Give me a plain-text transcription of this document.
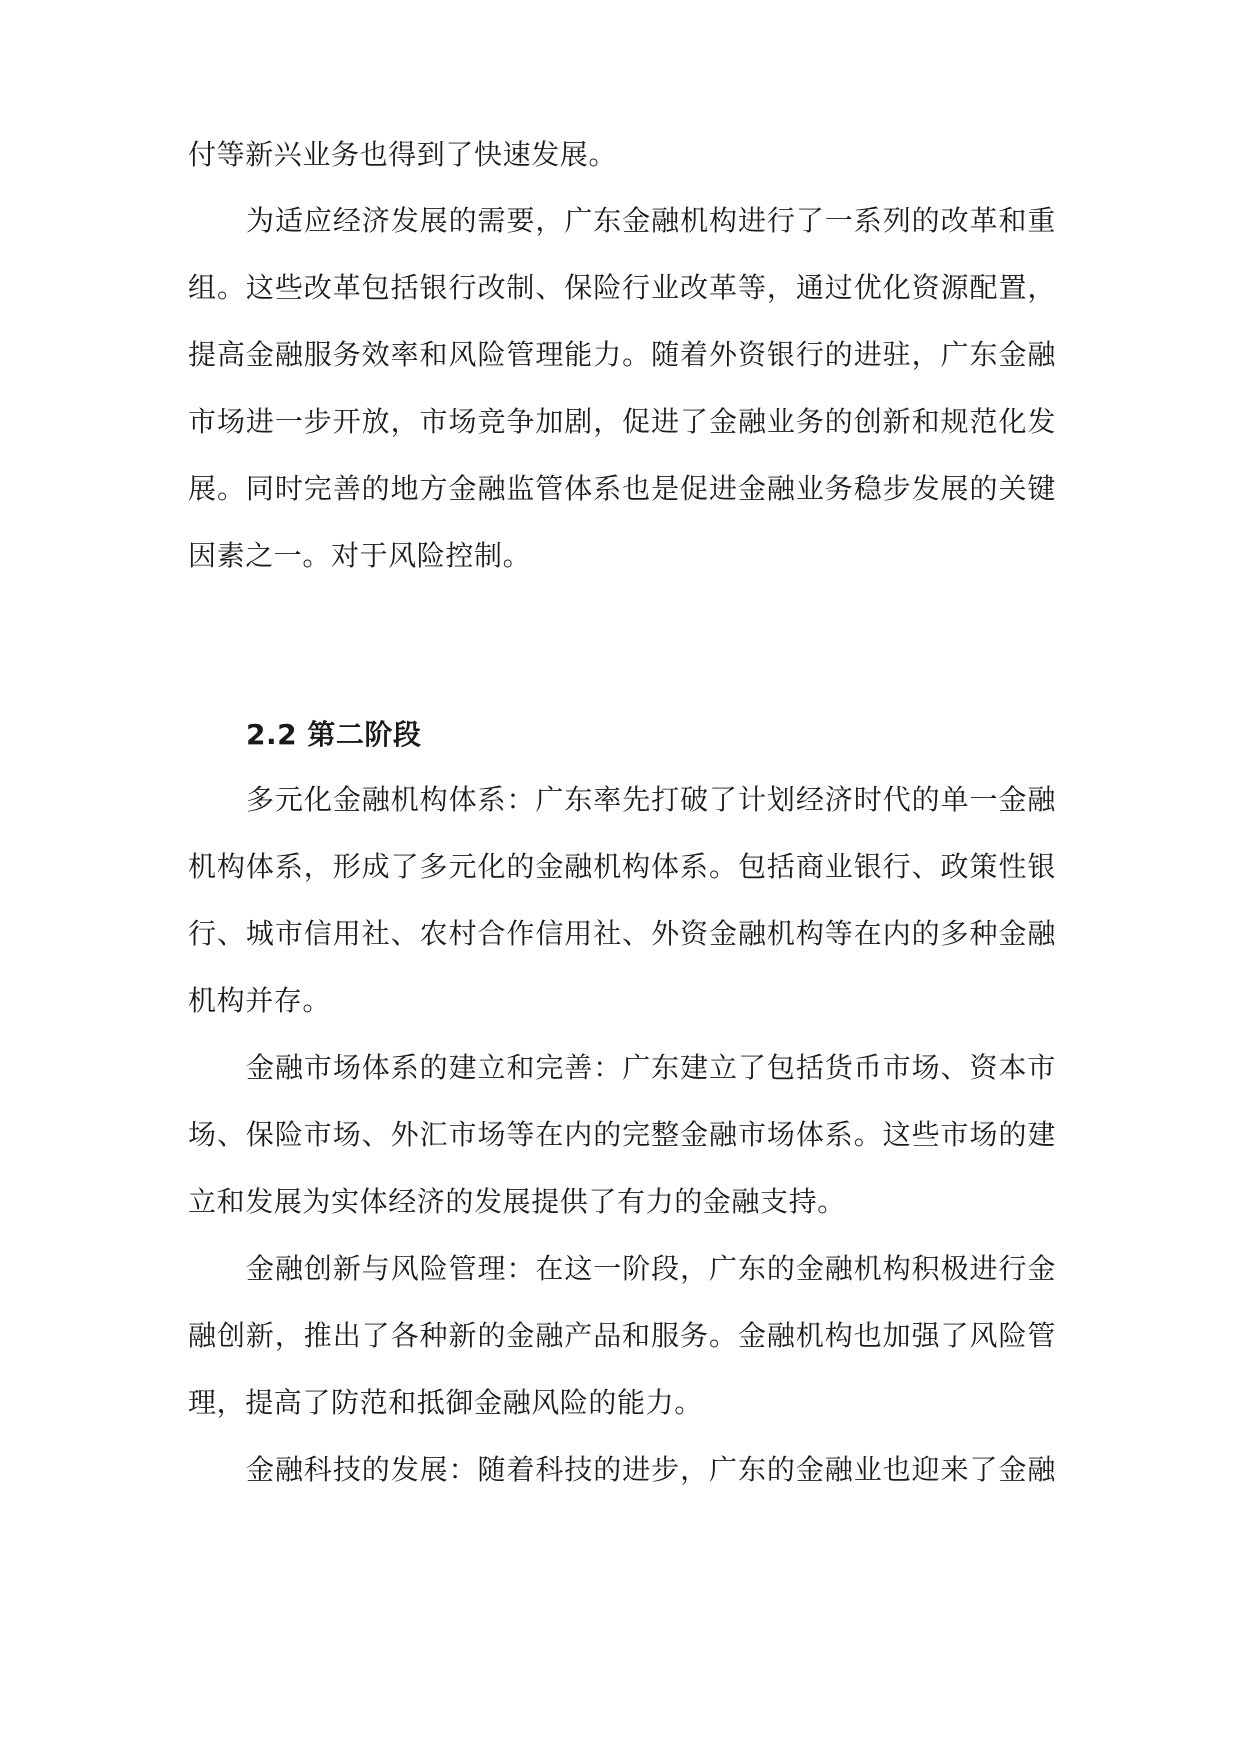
付等新兴业务也得到了快速发展。
为适应经济发展的需要，广东金融机构进行了一系列的改革和重
组。这些改革包括银行改制、保险行业改革等，通过优化资源配置，
提高金融服务效率和风险管理能力。随着外资银行的进驻，广东金融
市场进一步开放，市场竞争加剧，促进了金融业务的创新和规范化发
展。同时完善的地方金融监管体系也是促进金融业务稳步发展的关键
因素之一。对于风险控制。
2.2 第二阶段
多元化金融机构体系：广东率先打破了计划经济时代的单一金融
机构体系，形成了多元化的金融机构体系。包括商业银行、政策性银
行、城市信用社、农村合作信用社、外资金融机构等在内的多种金融
机构并存。
金融市场体系的建立和完善：广东建立了包括货币市场、资本市
场、保险市场、外汇市场等在内的完整金融市场体系。这些市场的建
立和发展为实体经济的发展提供了有力的金融支持。
金融创新与风险管理：在这一阶段，广东的金融机构积极进行金
融创新，推出了各种新的金融产品和服务。金融机构也加强了风险管
理，提高了防范和抵御金融风险的能力。
金融科技的发展：随着科技的进步，广东的金融业也迎来了金融
